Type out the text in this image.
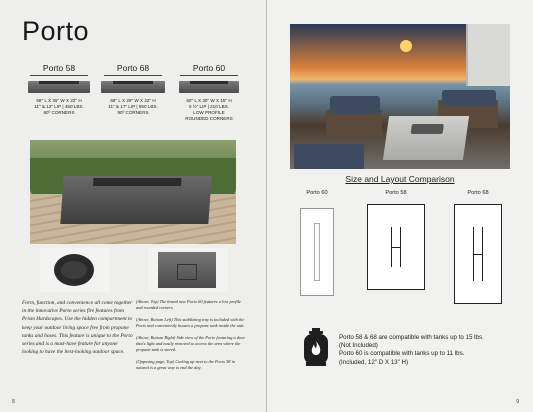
Porto
Porto 58
58" L X 36" W X 22" H
11" & 12" LIP | 450 LBS.
90º CORNERS
Porto 68
68" L X 29" W X 22" H
11" & 17" LIP | 550 LBS.
90º CORNERS
Porto 60
60" L X 30" W X 15" H
5 ½" LIP | 210 LBS.
LOW PROFILE
ROUNDED CORNERS
Form, function, and convenience all come together in the innovative Porto series fire features from Prism Hardscapes. Use the hidden compartment to keep your outdoor living space free from propane tanks and hoses. This feature is unique to the Porto series and is a must-have feature for anyone looking to have the best-looking outdoor space.

(Above, Top) The brand new Porto 60 features a low profile and rounded corners.

(Above, Bottom Left) This stabilizing tray is included with the Porto and conveniently houses a propane tank inside the unit.

(Above, Bottom Right) Side view of the Porto featuring a door that's light and easily removed to access the area where the propane tank is stored.

(Opposing page, Top) Curling up next to the Porto 58 in natural is a great way to end the day.

8
Size and Layout Comparison
Porto 60	Porto 58	Porto 68

Porto 58 & 68 are compatible with tanks up to 15 lbs.

(Not Included)

Porto 60 is compatible with tanks up to 11 lbs.

(Included, 12" D X 13" H)

9
